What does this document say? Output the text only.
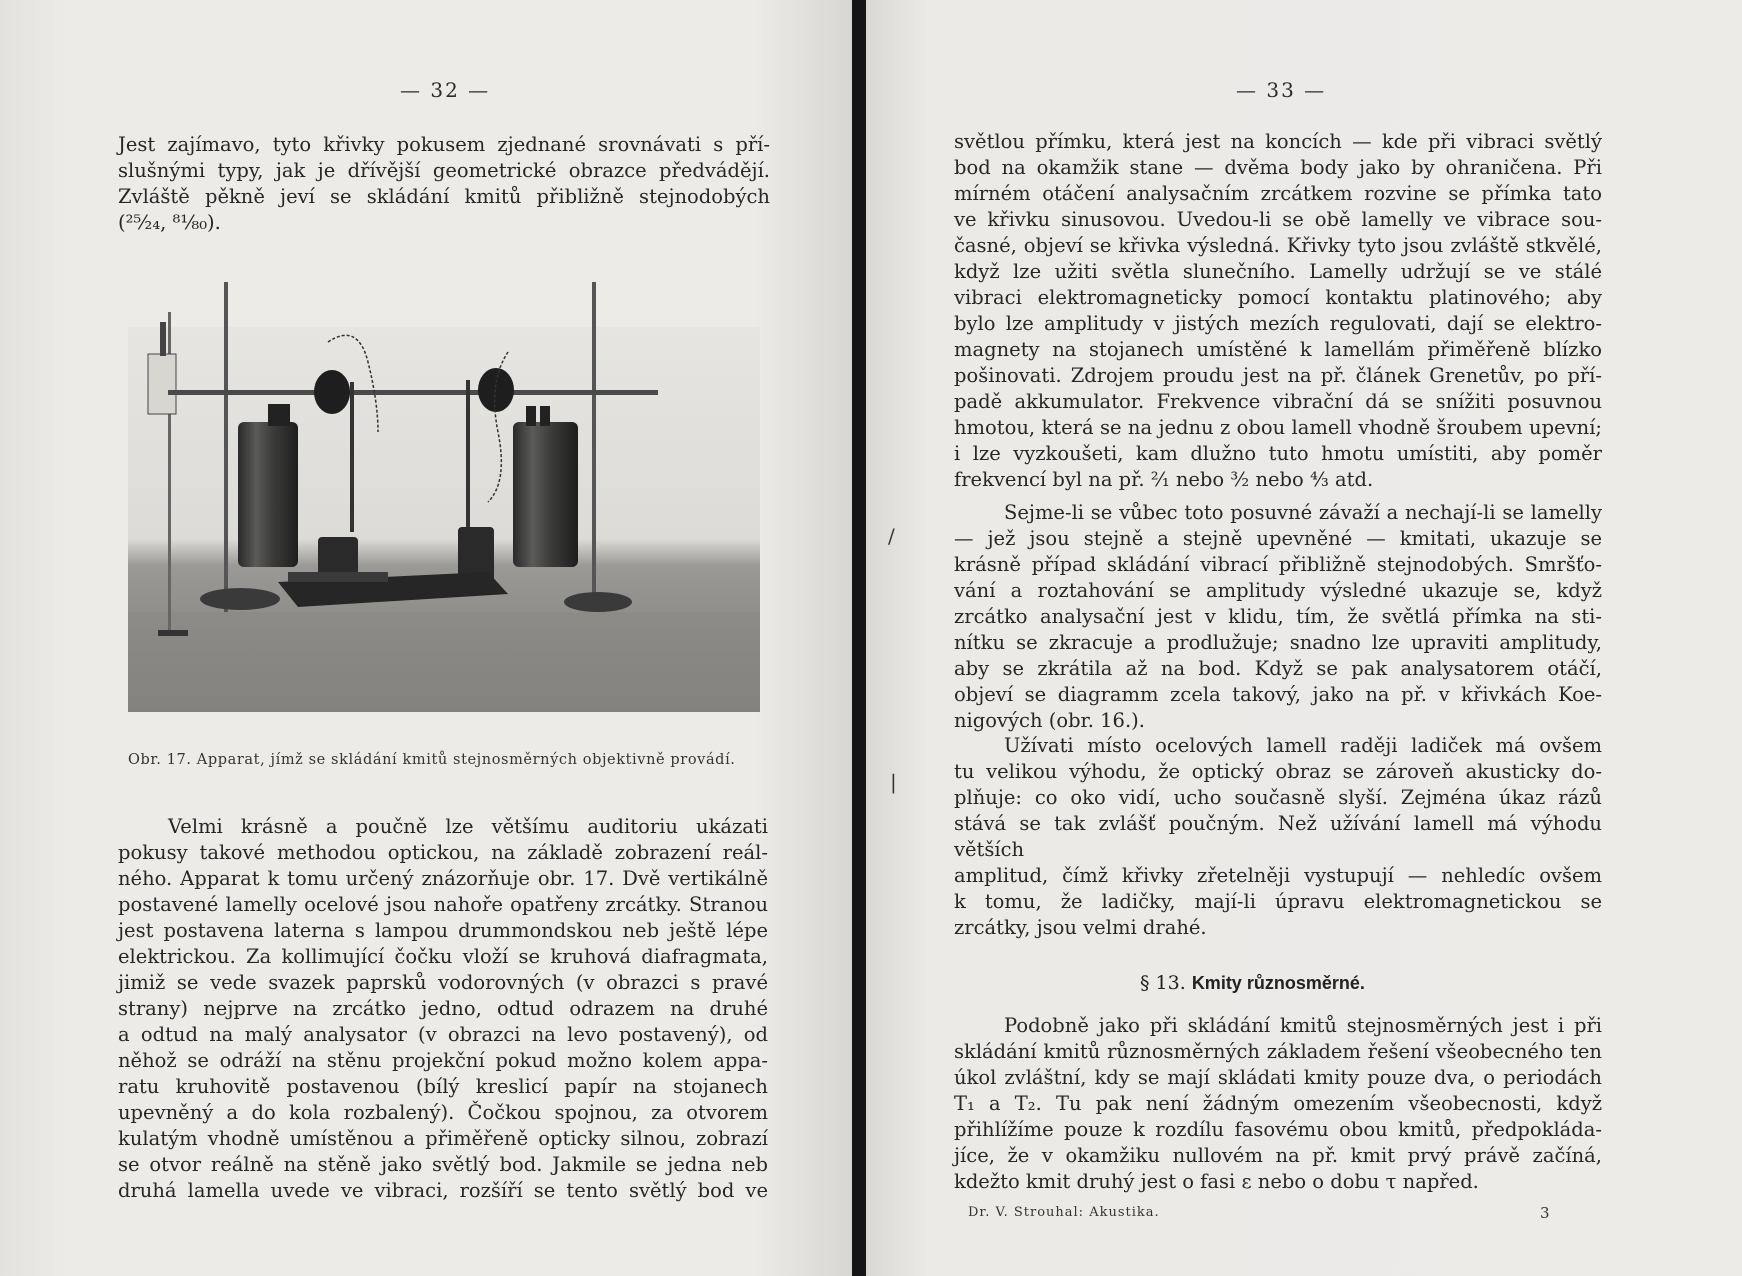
— 32 —
Jest zajímavo, tyto křivky pokusem zjednané srovnávati s pří-
slušnými typy, jak je dřívější geometrické obrazce předvádějí.
Zvláště pěkně jeví se skládání kmitů přibližně stejnodobých
(²⁵⁄₂₄, ⁸¹⁄₈₀).
Obr. 17. Apparat, jímž se skládání kmitů stejnosměrných objektivně provádí.
Velmi krásně a poučně lze většímu auditoriu ukázati
pokusy takové methodou optickou, na základě zobrazení reál-
ného. Apparat k tomu určený znázorňuje obr. 17. Dvě vertikálně
postavené lamelly ocelové jsou nahoře opatřeny zrcátky. Stranou
jest postavena laterna s lampou drummondskou neb ještě lépe
elektrickou. Za kollimující čočku vloží se kruhová diafragmata,
jimiž se vede svazek paprsků vodorovných (v obrazci s pravé
strany) nejprve na zrcátko jedno, odtud odrazem na druhé
a odtud na malý analysator (v obrazci na levo postavený), od
něhož se odráží na stěnu projekční pokud možno kolem appa-
ratu kruhovitě postavenou (bílý kreslicí papír na stojanech
upevněný a do kola rozbalený). Čočkou spojnou, za otvorem
kulatým vhodně umístěnou a přiměřeně opticky silnou, zobrazí
se otvor reálně na stěně jako světlý bod. Jakmile se jedna neb
druhá lamella uvede ve vibraci, rozšíří se tento světlý bod ve
— 33 —
světlou přímku, která jest na koncích — kde při vibraci světlý
bod na okamžik stane — dvěma body jako by ohraničena. Při
mírném otáčení analysačním zrcátkem rozvine se přímka tato
ve křivku sinusovou. Uvedou-li se obě lamelly ve vibrace sou-
časné, objeví se křivka výsledná. Křivky tyto jsou zvláště stkvělé,
když lze užiti světla slunečního. Lamelly udržují se ve stálé
vibraci elektromagneticky pomocí kontaktu platinového; aby
bylo lze amplitudy v jistých mezích regulovati, dají se elektro-
magnety na stojanech umístěné k lamellám přiměřeně blízko
pošinovati. Zdrojem proudu jest na př. článek Grenetův, po pří-
padě akkumulator. Frekvence vibrační dá se snížiti posuvnou
hmotou, která se na jednu z obou lamell vhodně šroubem upevní;
i lze vyzkoušeti, kam dlužno tuto hmotu umístiti, aby poměr
frekvencí byl na př. ²⁄₁ nebo ³⁄₂ nebo ⁴⁄₃ atd.
/
|
Sejme-li se vůbec toto posuvné závaží a nechají-li se lamelly
— jež jsou stejně a stejně upevněné — kmitati, ukazuje se
krásně případ skládání vibrací přibližně stejnodobých. Smršťo-
vání a roztahování se amplitudy výsledné ukazuje se, když
zrcátko analysační jest v klidu, tím, že světlá přímka na sti-
nítku se zkracuje a prodlužuje; snadno lze upraviti amplitudy,
aby se zkrátila až na bod. Když se pak analysatorem otáčí,
objeví se diagramm zcela takový, jako na př. v křivkách Koe-
nigových (obr. 16.).
Užívati místo ocelových lamell raději ladiček má ovšem
tu velikou výhodu, že optický obraz se zároveň akusticky do-
plňuje: co oko vidí, ucho současně slyší. Zejména úkaz rázů
stává se tak zvlášť poučným. Než užívání lamell má výhodu větších
amplitud, čímž křivky zřetelněji vystupují — nehledíc ovšem
k tomu, že ladičky, mají-li úpravu elektromagnetickou se
zrcátky, jsou velmi drahé.
§ 13. Kmity různosměrné.
Podobně jako při skládání kmitů stejnosměrných jest i při
skládání kmitů různosměrných základem řešení všeobecného ten
úkol zvláštní, kdy se mají skládati kmity pouze dva, o periodách
T₁ a T₂. Tu pak není žádným omezením všeobecnosti, když
přihlížíme pouze k rozdílu fasovému obou kmitů, předpokláda-
jíce, že v okamžiku nullovém na př. kmit prvý právě začíná,
kdežto kmit druhý jest o fasi ε nebo o dobu τ napřed.
Dr. V. Strouhal: Akustika.	3
